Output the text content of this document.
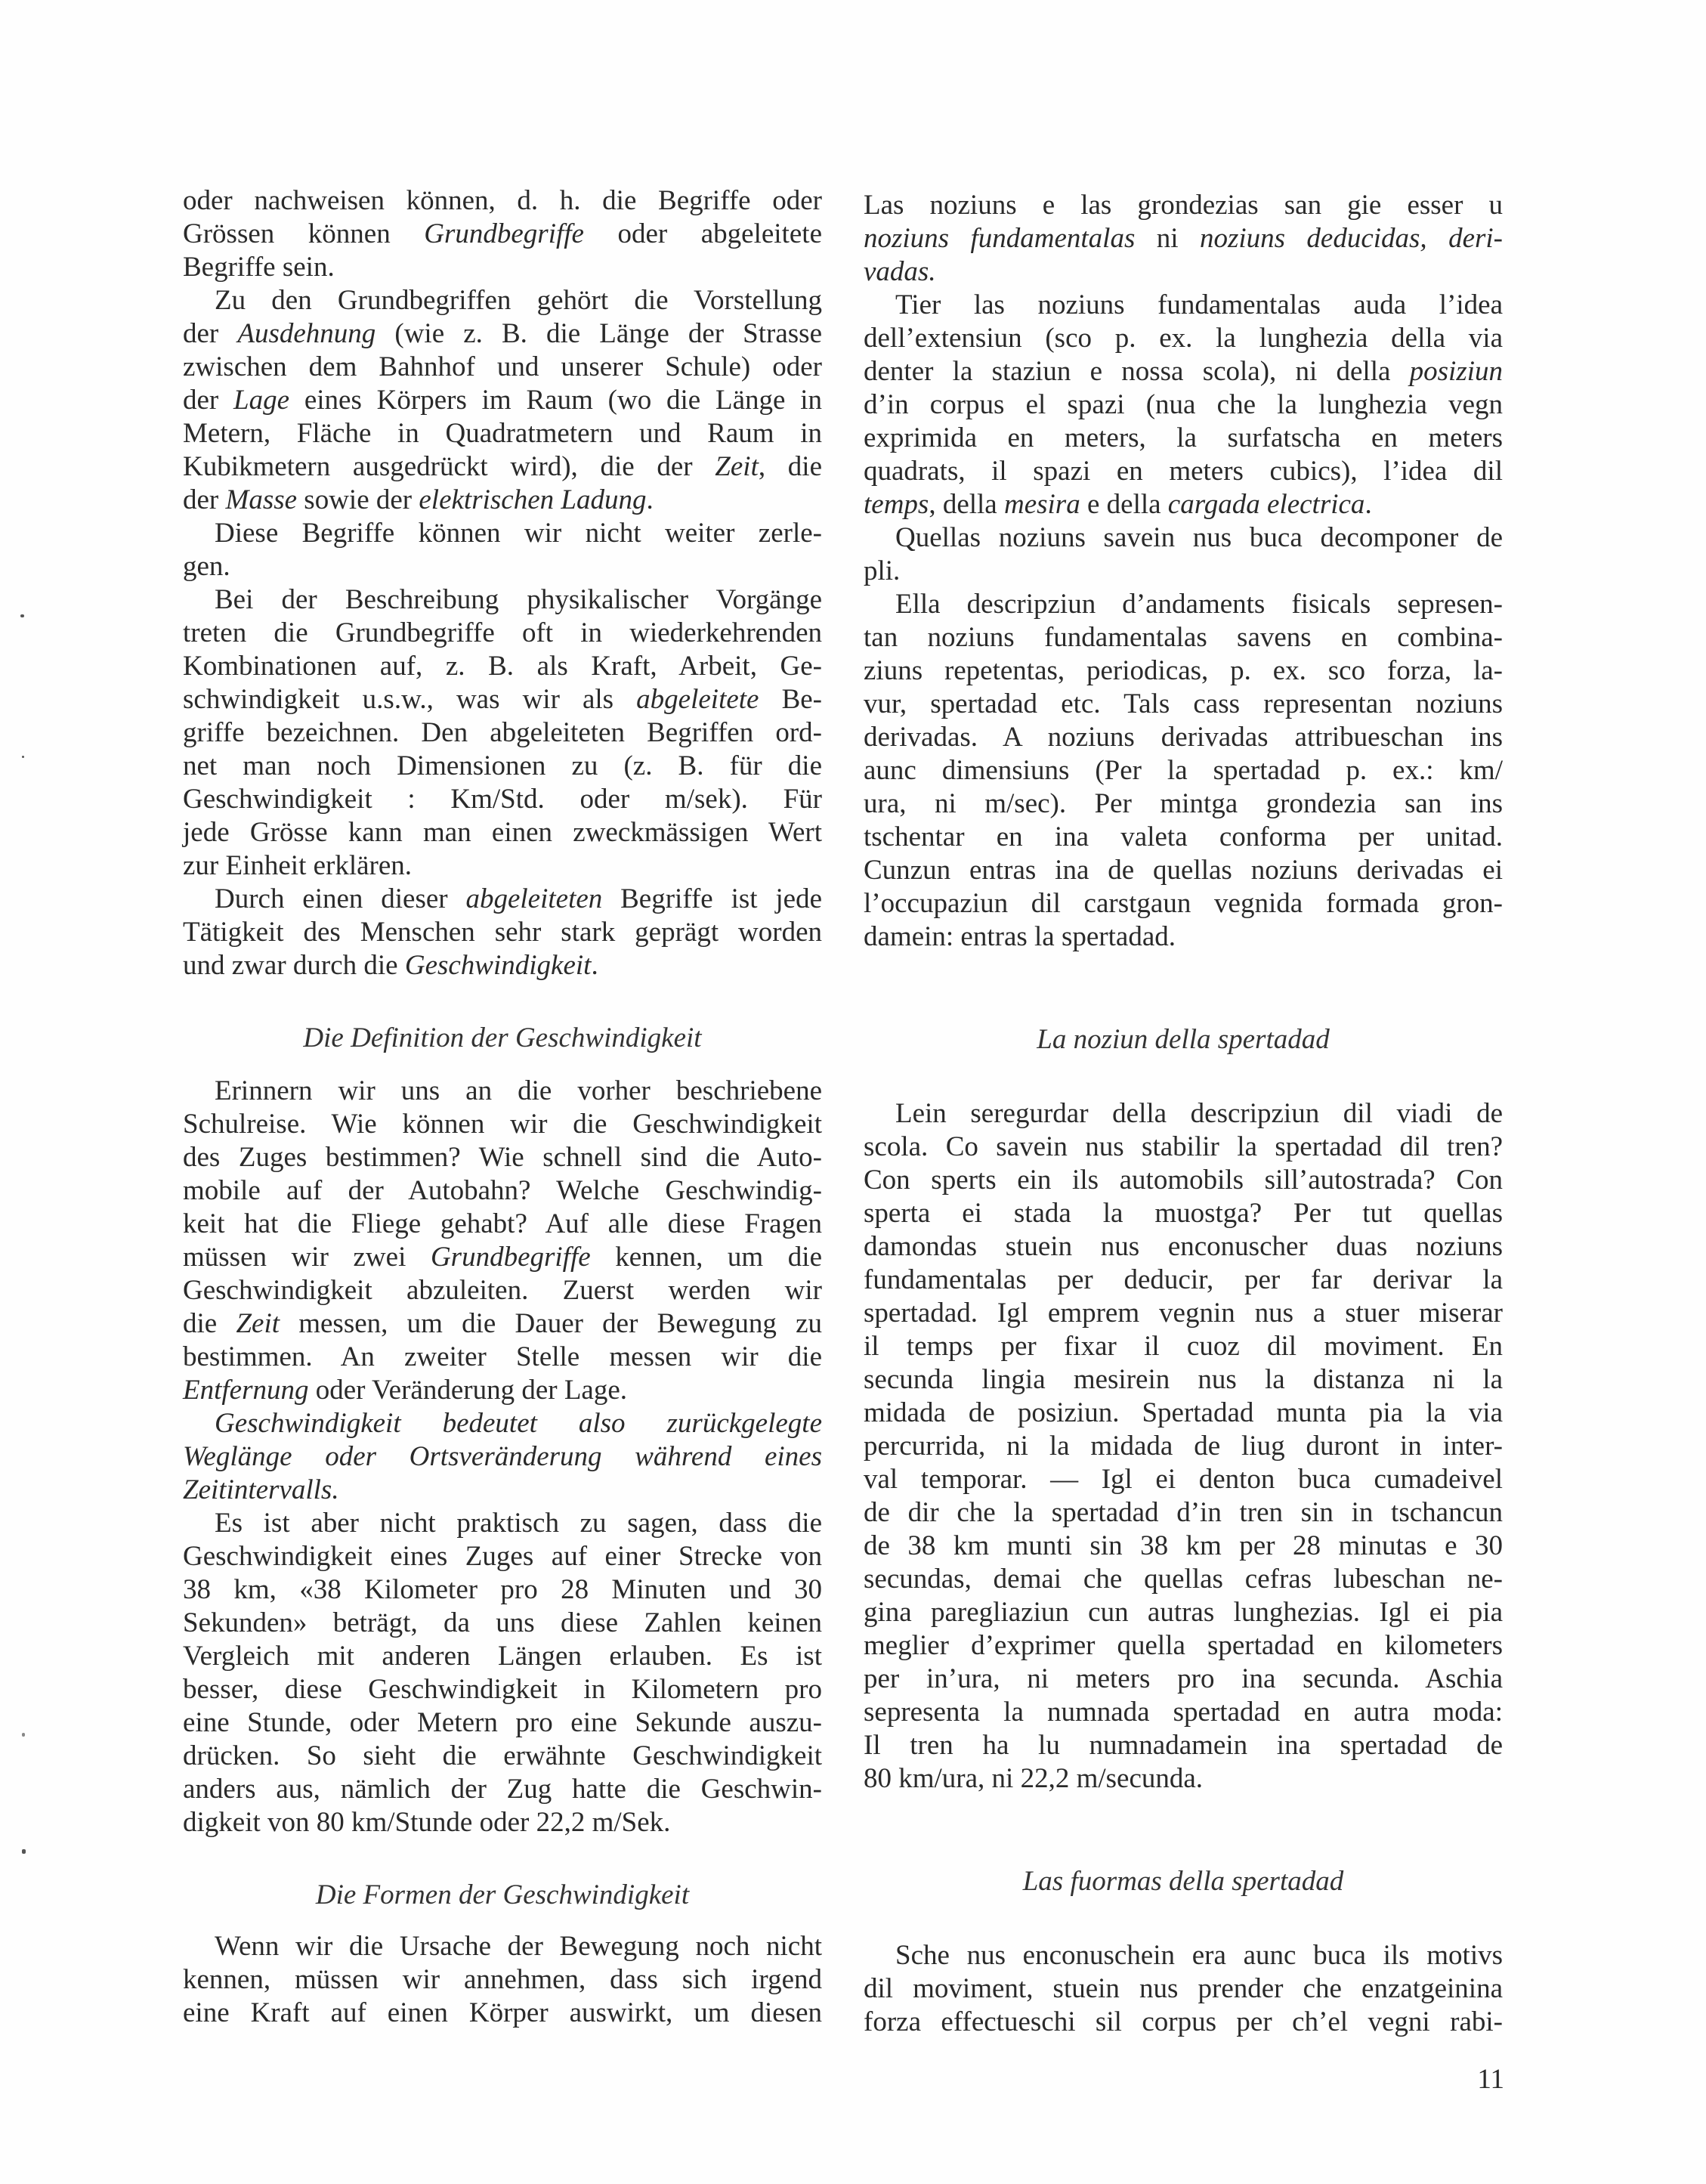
oder nachweisen können, d. h. die Begriffe oder
Grössen können Grundbegriffe oder abgeleitete
Begriffe sein.
Zu den Grundbegriffen gehört die Vorstellung
der Ausdehnung (wie z. B. die Länge der Strasse
zwischen dem Bahnhof und unserer Schule) oder
der Lage eines Körpers im Raum (wo die Länge in
Metern, Fläche in Quadratmetern und Raum in
Kubikmetern ausgedrückt wird), die der Zeit, die
der Masse sowie der elektrischen Ladung.
Diese Begriffe können wir nicht weiter zerle-
gen.
Bei der Beschreibung physikalischer Vorgänge
treten die Grundbegriffe oft in wiederkehrenden
Kombinationen auf, z. B. als Kraft, Arbeit, Ge-
schwindigkeit u.s.w., was wir als abgeleitete Be-
griffe bezeichnen. Den abgeleiteten Begriffen ord-
net man noch Dimensionen zu (z. B. für die
Geschwindigkeit : Km/Std. oder m/sek). Für
jede Grösse kann man einen zweckmässigen Wert
zur Einheit erklären.
Durch einen dieser abgeleiteten Begriffe ist jede
Tätigkeit des Menschen sehr stark geprägt worden
und zwar durch die Geschwindigkeit.
Die Definition der Geschwindigkeit
Erinnern wir uns an die vorher beschriebene
Schulreise. Wie können wir die Geschwindigkeit
des Zuges bestimmen? Wie schnell sind die Auto-
mobile auf der Autobahn? Welche Geschwindig-
keit hat die Fliege gehabt? Auf alle diese Fragen
müssen wir zwei Grundbegriffe kennen, um die
Geschwindigkeit abzuleiten. Zuerst werden wir
die Zeit messen, um die Dauer der Bewegung zu
bestimmen. An zweiter Stelle messen wir die
Entfernung oder Veränderung der Lage.
Geschwindigkeit bedeutet also zurückgelegte
Weglänge oder Ortsveränderung während eines
Zeitintervalls.
Es ist aber nicht praktisch zu sagen, dass die
Geschwindigkeit eines Zuges auf einer Strecke von
38 km, «38 Kilometer pro 28 Minuten und 30
Sekunden» beträgt, da uns diese Zahlen keinen
Vergleich mit anderen Längen erlauben. Es ist
besser, diese Geschwindigkeit in Kilometern pro
eine Stunde, oder Metern pro eine Sekunde auszu-
drücken. So sieht die erwähnte Geschwindigkeit
anders aus, nämlich der Zug hatte die Geschwin-
digkeit von 80 km/Stunde oder 22,2 m/Sek.
Die Formen der Geschwindigkeit
Wenn wir die Ursache der Bewegung noch nicht
kennen, müssen wir annehmen, dass sich irgend
eine Kraft auf einen Körper auswirkt, um diesen
Las noziuns e las grondezias san gie esser u
noziuns fundamentalas ni noziuns deducidas, deri-
vadas.
Tier las noziuns fundamentalas auda l’idea
dell’extensiun (sco p. ex. la lunghezia della via
denter la staziun e nossa scola), ni della posiziun
d’in corpus el spazi (nua che la lunghezia vegn
exprimida en meters, la surfatscha en meters
quadrats, il spazi en meters cubics), l’idea dil
temps, della mesira e della cargada electrica.
Quellas noziuns savein nus buca decomponer de
pli.
Ella descripziun d’andaments fisicals sepresen-
tan noziuns fundamentalas savens en combina-
ziuns repetentas, periodicas, p. ex. sco forza, la-
vur, spertadad etc. Tals cass representan noziuns
derivadas. A noziuns derivadas attribueschan ins
aunc dimensiuns (Per la spertadad p. ex.: km/
ura, ni m/sec). Per mintga grondezia san ins
tschentar en ina valeta conforma per unitad.
Cunzun entras ina de quellas noziuns derivadas ei
l’occupaziun dil carstgaun vegnida formada gron-
damein: entras la spertadad.
La noziun della spertadad
Lein seregurdar della descripziun dil viadi de
scola. Co savein nus stabilir la spertadad dil tren?
Con sperts ein ils automobils sill’autostrada? Con
sperta ei stada la muostga? Per tut quellas
damondas stuein nus enconuscher duas noziuns
fundamentalas per deducir, per far derivar la
spertadad. Igl emprem vegnin nus a stuer miserar
il temps per fixar il cuoz dil moviment. En
secunda lingia mesirein nus la distanza ni la
midada de posiziun. Spertadad munta pia la via
percurrida, ni la midada de liug duront in inter-
val temporar. — Igl ei denton buca cumadeivel
de dir che la spertadad d’in tren sin in tschancun
de 38 km munti sin 38 km per 28 minutas e 30
secundas, demai che quellas cefras lubeschan ne-
gina paregliaziun cun autras lunghezias. Igl ei pia
meglier d’exprimer quella spertadad en kilometers
per in’ura, ni meters pro ina secunda. Aschia
sepresenta la numnada spertadad en autra moda:
Il tren ha lu numnadamein ina spertadad de
80 km/ura, ni 22,2 m/secunda.
Las fuormas della spertadad
Sche nus enconuschein era aunc buca ils motivs
dil moviment, stuein nus prender che enzatgeinina
forza effectueschi sil corpus per ch’el vegni rabi-
11
